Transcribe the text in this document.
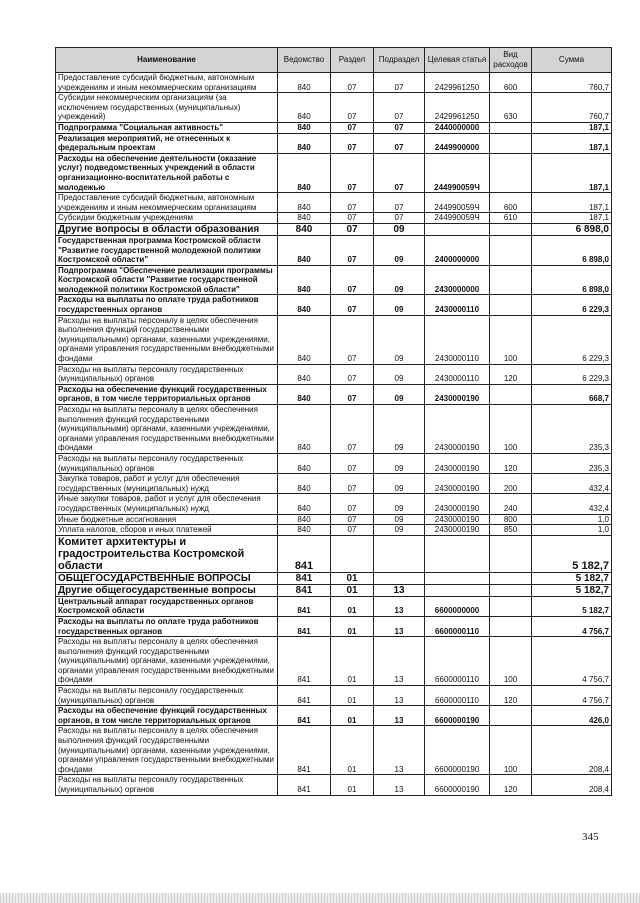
Наименование	Ведомство	Раздел	Подраздел	Целевая статья	Вид расходов	Сумма
Предоставление субсидий бюджетным, автономным учреждениям и иным некоммерческим организациям	840	07	07	2429961250	600	760,7
Субсидии некоммерческим организациям (за исключением государственных (муниципальных) учреждений)	840	07	07	2429961250	630	760,7
Подпрограмма "Социальная активность"	840	07	07	2440000000		187,1
Реализация мероприятий, не отнесенных к федеральным проектам	840	07	07	2449900000		187,1
Расходы на обеспечение деятельности (оказание услуг) подведомственных учреждений в области организационно-воспитательной работы с молодежью	840	07	07	244990059Ч		187,1
Предоставление субсидий бюджетным, автономным учреждениям и иным некоммерческим организациям	840	07	07	244990059Ч	600	187,1
Субсидии бюджетным учреждениям	840	07	07	244990059Ч	610	187,1
Другие вопросы в области образования	840	07	09			6 898,0
Государственная программа Костромской области "Развитие государственной молодежной политики Костромской области"	840	07	09	2400000000		6 898,0
Подпрограмма "Обеспечение реализации программы Костромской области "Развитие государственной молодежной политики Костромской области"	840	07	09	2430000000		6 898,0
Расходы на выплаты по оплате труда работников государственных органов	840	07	09	2430000110		6 229,3
Расходы на выплаты персоналу в целях обеспечения выполнения функций государственными (муниципальными) органами, казенными учреждениями, органами управления государственными внебюджетными фондами	840	07	09	2430000110	100	6 229,3
Расходы на выплаты персоналу государственных (муниципальных) органов	840	07	09	2430000110	120	6 229,3
Расходы на обеспечение функций государственных органов, в том числе территориальных органов	840	07	09	2430000190		668,7
Расходы на выплаты персоналу в целях обеспечения выполнения функций государственными (муниципальными) органами, казенными учреждениями, органами управления государственными внебюджетными фондами	840	07	09	2430000190	100	235,3
Расходы на выплаты персоналу государственных (муниципальных) органов	840	07	09	2430000190	120	235,3
Закупка товаров, работ и услуг для обеспечения государственных (муниципальных) нужд	840	07	09	2430000190	200	432,4
Иные закупки товаров, работ и услуг для обеспечения государственных (муниципальных) нужд	840	07	09	2430000190	240	432,4
Иные бюджетные ассигнования	840	07	09	2430000190	800	1,0
Уплата налогов, сборов и иных платежей	840	07	09	2430000190	850	1,0
Комитет архитектуры и градостроительства Костромской области	841					5 182,7
ОБЩЕГОСУДАРСТВЕННЫЕ ВОПРОСЫ	841	01				5 182,7
Другие общегосударственные вопросы	841	01	13			5 182,7
Центральный аппарат государственных органов Костромской области	841	01	13	6600000000		5 182,7
Расходы на выплаты по оплате труда работников государственных органов	841	01	13	6600000110		4 756,7
Расходы на выплаты персоналу в целях обеспечения выполнения функций государственными (муниципальными) органами, казенными учреждениями, органами управления государственными внебюджетными фондами	841	01	13	6600000110	100	4 756,7
Расходы на выплаты персоналу государственных (муниципальных) органов	841	01	13	6600000110	120	4 756,7
Расходы на обеспечение функций государственных органов, в том числе территориальных органов	841	01	13	6600000190		426,0
Расходы на выплаты персоналу в целях обеспечения выполнения функций государственными (муниципальными) органами, казенными учреждениями, органами управления государственными внебюджетными фондами	841	01	13	6600000190	100	208,4
Расходы на выплаты персоналу государственных (муниципальных) органов	841	01	13	6600000190	120	208,4
345
